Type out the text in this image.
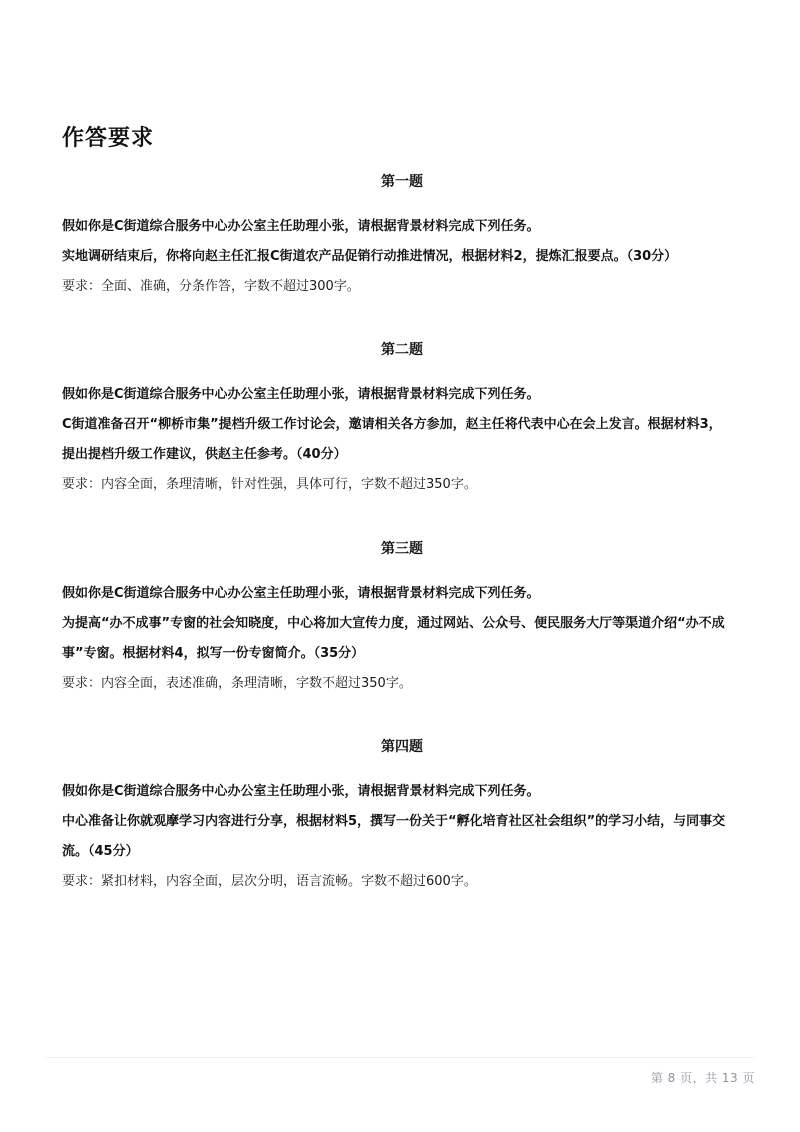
作答要求
第一题

假如你是C街道综合服务中心办公室主任助理小张，请根据背景材料完成下列任务。

实地调研结束后，你将向赵主任汇报C街道农产品促销行动推进情况，根据材料2，提炼汇报要点。（30分）

要求：全面、准确，分条作答，字数不超过300字。

第二题

假如你是C街道综合服务中心办公室主任助理小张，请根据背景材料完成下列任务。

C街道准备召开“柳桥市集”提档升级工作讨论会，邀请相关各方参加，赵主任将代表中心在会上发言。根据材料3，

提出提档升级工作建议，供赵主任参考。（40分）

要求：内容全面，条理清晰，针对性强，具体可行，字数不超过350字。

第三题

假如你是C街道综合服务中心办公室主任助理小张，请根据背景材料完成下列任务。

为提高“办不成事”专窗的社会知晓度，中心将加大宣传力度，通过网站、公众号、便民服务大厅等渠道介绍“办不成

事”专窗。根据材料4，拟写一份专窗简介。（35分）

要求：内容全面，表述准确，条理清晰，字数不超过350字。

第四题

假如你是C街道综合服务中心办公室主任助理小张，请根据背景材料完成下列任务。

中心准备让你就观摩学习内容进行分享，根据材料5，撰写一份关于“孵化培育社区社会组织”的学习小结，与同事交

流。（45分）

要求：紧扣材料，内容全面，层次分明，语言流畅。字数不超过600字。

第 8 页，共 13 页
